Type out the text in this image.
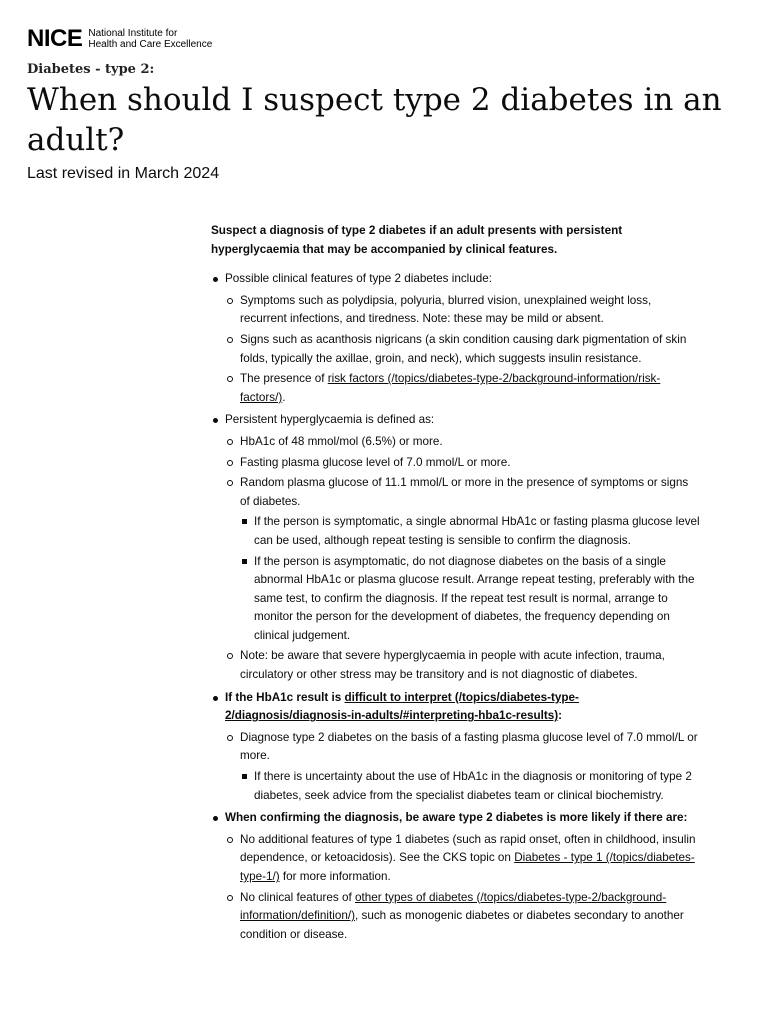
NICE National Institute for
Health and Care Excellence
Diabetes - type 2:
When should I suspect type 2 diabetes in an adult?
Last revised in March 2024

Suspect a diagnosis of type 2 diabetes if an adult presents with persistent hyperglycaemia that may be accompanied by clinical features.

Possible clinical features of type 2 diabetes include:
Symptoms such as polydipsia, polyuria, blurred vision, unexplained weight loss, recurrent infections, and tiredness. Note: these may be mild or absent.
Signs such as acanthosis nigricans (a skin condition causing dark pigmentation of skin folds, typically the axillae, groin, and neck), which suggests insulin resistance.
The presence of risk factors (/topics/diabetes-type-2/background-information/risk-factors/).
Persistent hyperglycaemia is defined as:
HbA1c of 48 mmol/mol (6.5%) or more.
Fasting plasma glucose level of 7.0 mmol/L or more.
Random plasma glucose of 11.1 mmol/L or more in the presence of symptoms or signs of diabetes.
If the person is symptomatic, a single abnormal HbA1c or fasting plasma glucose level can be used, although repeat testing is sensible to confirm the diagnosis.
If the person is asymptomatic, do not diagnose diabetes on the basis of a single abnormal HbA1c or plasma glucose result. Arrange repeat testing, preferably with the same test, to confirm the diagnosis. If the repeat test result is normal, arrange to monitor the person for the development of diabetes, the frequency depending on clinical judgement.
Note: be aware that severe hyperglycaemia in people with acute infection, trauma, circulatory or other stress may be transitory and is not diagnostic of diabetes.
If the HbA1c result is difficult to interpret (/topics/diabetes-type-2/diagnosis/diagnosis-in-adults/#interpreting-hba1c-results):
Diagnose type 2 diabetes on the basis of a fasting plasma glucose level of 7.0 mmol/L or more.
If there is uncertainty about the use of HbA1c in the diagnosis or monitoring of type 2 diabetes, seek advice from the specialist diabetes team or clinical biochemistry.
When confirming the diagnosis, be aware type 2 diabetes is more likely if there are:
No additional features of type 1 diabetes (such as rapid onset, often in childhood, insulin dependence, or ketoacidosis). See the CKS topic on Diabetes - type 1 (/topics/diabetes-type-1/) for more information.
No clinical features of other types of diabetes (/topics/diabetes-type-2/background-information/definition/), such as monogenic diabetes or diabetes secondary to another condition or disease.
